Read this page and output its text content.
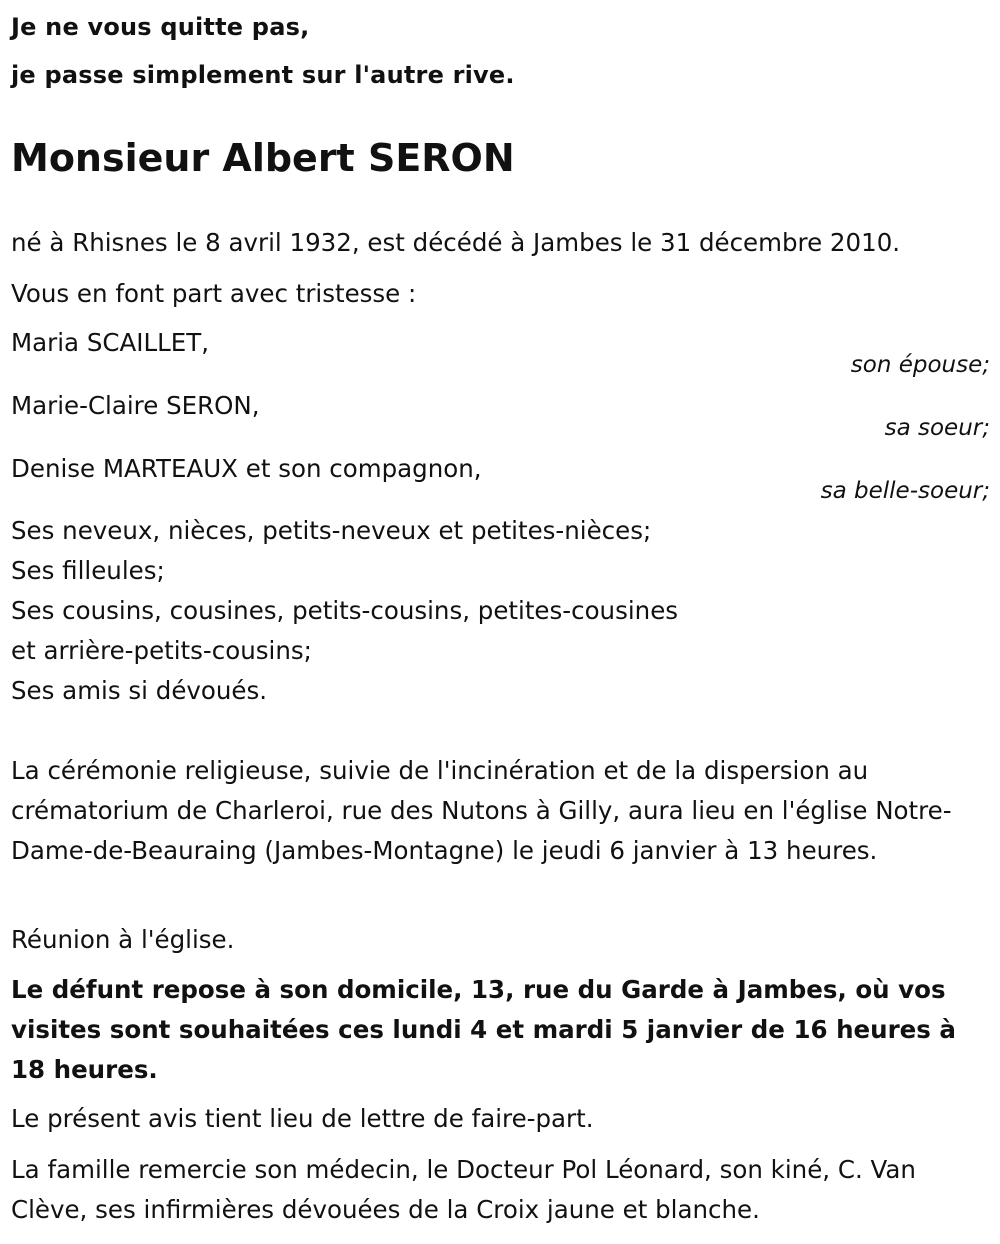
Je ne vous quitte pas,

je passe simplement sur l'autre rive.

Monsieur Albert SERON

né à Rhisnes le 8 avril 1932, est décédé à Jambes le 31 décembre 2010.

Vous en font part avec tristesse :

Maria SCAILLET,

son épouse;

Marie-Claire SERON,

sa soeur;

Denise MARTEAUX et son compagnon,

sa belle-soeur;

Ses neveux, nièces, petits-neveux et petites-nièces;

Ses filleules;

Ses cousins, cousines, petits-cousins, petites-cousines

et arrière-petits-cousins;

Ses amis si dévoués.

La cérémonie religieuse, suivie de l'incinération et de la dispersion au crématorium de Charleroi, rue des Nutons à Gilly, aura lieu en l'église Notre-Dame-de-Beauraing (Jambes-Montagne) le jeudi 6 janvier à 13 heures.

Réunion à l'église.

Le défunt repose à son domicile, 13, rue du Garde à Jambes, où vos visites sont souhaitées ces lundi 4 et mardi 5 janvier de 16 heures à 18 heures.

Le présent avis tient lieu de lettre de faire-part.

La famille remercie son médecin, le Docteur Pol Léonard, son kiné, C. Van Clève, ses infirmières dévouées de la Croix jaune et blanche.
